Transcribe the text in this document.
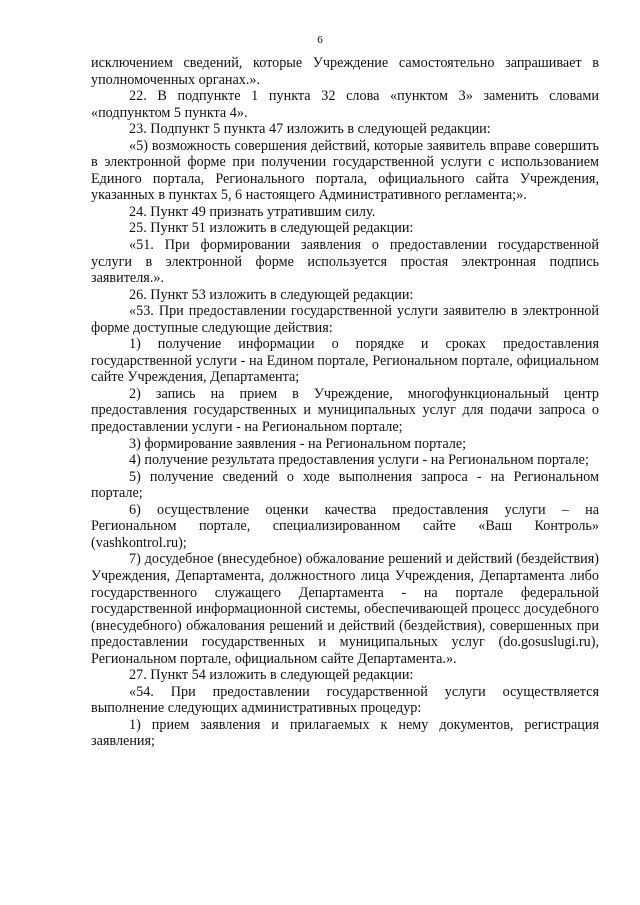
6

исключением сведений, которые Учреждение самостоятельно запрашивает в уполномоченных органах.».

22. В подпункте 1 пункта 32 слова «пунктом 3» заменить словами «подпунктом 5 пункта 4».

23. Подпункт 5 пункта 47 изложить в следующей редакции:

«5) возможность совершения действий, которые заявитель вправе совершить в электронной форме при получении государственной услуги с использованием Единого портала, Регионального портала, официального сайта Учреждения, указанных в пунктах 5, 6 настоящего Административного регламента;».

24. Пункт 49 признать утратившим силу.

25. Пункт 51 изложить в следующей редакции:

«51. При формировании заявления о предоставлении государственной услуги в электронной форме используется простая электронная подпись заявителя.».

26. Пункт 53 изложить в следующей редакции:

«53. При предоставлении государственной услуги заявителю в электронной форме доступные следующие действия:

1) получение информации о порядке и сроках предоставления государственной услуги - на Едином портале, Региональном портале, официальном сайте Учреждения, Департамента;

2) запись на прием в Учреждение, многофункциональный центр предоставления государственных и муниципальных услуг для подачи запроса о предоставлении услуги - на Региональном портале;

3) формирование заявления - на Региональном портале;

4) получение результата предоставления услуги - на Региональном портале;

5) получение сведений о ходе выполнения запроса - на Региональном портале;

6) осуществление оценки качества предоставления услуги – на Региональном портале, специализированном сайте «Ваш Контроль» (vashkontrol.ru);

7) досудебное (внесудебное) обжалование решений и действий (бездействия) Учреждения, Департамента, должностного лица Учреждения, Департамента либо государственного служащего Департамента - на портале федеральной государственной информационной системы, обеспечивающей процесс досудебного (внесудебного) обжалования решений и действий (бездействия), совершенных при предоставлении государственных и муниципальных услуг (do.gosuslugi.ru), Региональном портале, официальном сайте Департамента.».

27. Пункт 54 изложить в следующей редакции:

«54. При предоставлении государственной услуги осуществляется выполнение следующих административных процедур:

1) прием заявления и прилагаемых к нему документов, регистрация заявления;
